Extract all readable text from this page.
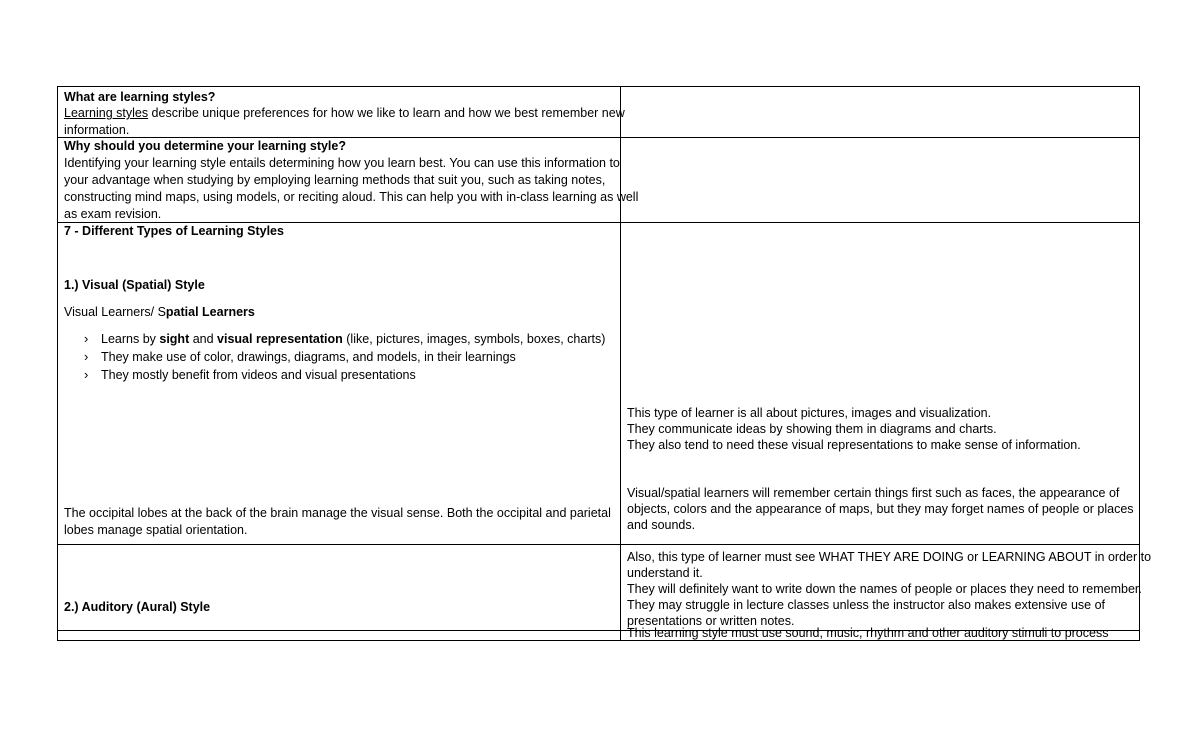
What are learning styles?
Learning styles describe unique preferences for how we like to learn and how we best remember new
information.
Why should you determine your learning style?
Identifying your learning style entails determining how you learn best. You can use this information to
your advantage when studying by employing learning methods that suit you, such as taking notes,
constructing mind maps, using models, or reciting aloud. This can help you with in-class learning as well
as exam revision.
7 - Different Types of Learning Styles
1.) Visual (Spatial) Style
Visual Learners/ Spatial Learners
› Learns by sight and visual representation (like, pictures, images, symbols, boxes, charts)
› They make use of color, drawings, diagrams, and models, in their learnings
› They mostly benefit from videos and visual presentations
The occipital lobes at the back of the brain manage the visual sense. Both the occipital and parietal
lobes manage spatial orientation.
This type of learner is all about pictures, images and visualization.
They communicate ideas by showing them in diagrams and charts.
They also tend to need these visual representations to make sense of information.
Visual/spatial learners will remember certain things first such as faces, the appearance of
objects, colors and the appearance of maps, but they may forget names of people or places
and sounds.
Also, this type of learner must see WHAT THEY ARE DOING or LEARNING ABOUT in order to
understand it.
They will definitely want to write down the names of people or places they need to remember.
They may struggle in lecture classes unless the instructor also makes extensive use of
presentations or written notes.
2.) Auditory (Aural) Style
This learning style must use sound, music, rhythm and other auditory stimuli to process
